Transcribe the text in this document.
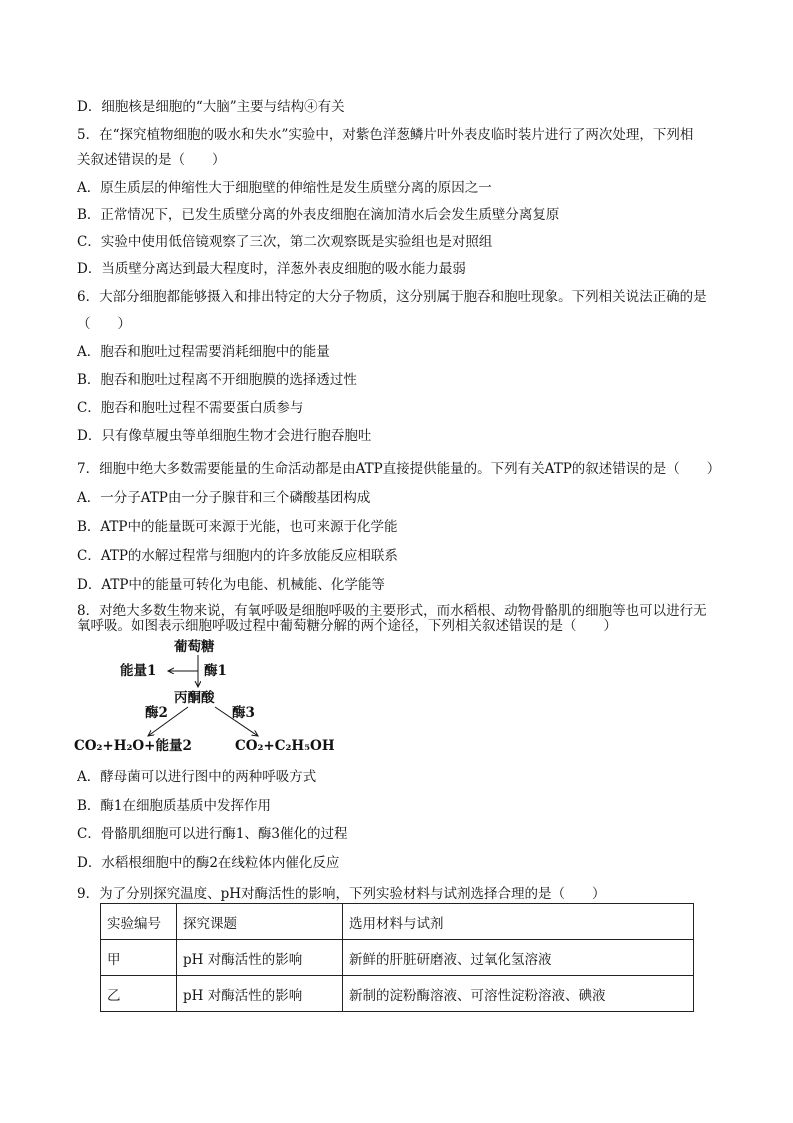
D．细胞核是细胞的“大脑”主要与结构④有关
5．在“探究植物细胞的吸水和失水”实验中，对紫色洋葱鳞片叶外表皮临时装片进行了两次处理，下列相
关叙述错误的是（　　）
A．原生质层的伸缩性大于细胞壁的伸缩性是发生质壁分离的原因之一
B．正常情况下，已发生质壁分离的外表皮细胞在滴加清水后会发生质壁分离复原
C．实验中使用低倍镜观察了三次，第二次观察既是实验组也是对照组
D．当质壁分离达到最大程度时，洋葱外表皮细胞的吸水能力最弱
6．大部分细胞都能够摄入和排出特定的大分子物质，这分别属于胞吞和胞吐现象。下列相关说法正确的是
（　　）
A．胞吞和胞吐过程需要消耗细胞中的能量
B．胞吞和胞吐过程离不开细胞膜的选择透过性
C．胞吞和胞吐过程不需要蛋白质参与
D．只有像草履虫等单细胞生物才会进行胞吞胞吐
7．细胞中绝大多数需要能量的生命活动都是由ATP直接提供能量的。下列有关ATP的叙述错误的是（　　）
A．一分子ATP由一分子腺苷和三个磷酸基团构成
B．ATP中的能量既可来源于光能，也可来源于化学能
C．ATP的水解过程常与细胞内的许多放能反应相联系
D．ATP中的能量可转化为电能、机械能、化学能等
8．对绝大多数生物来说，有氧呼吸是细胞呼吸的主要形式，而水稻根、动物骨骼肌的细胞等也可以进行无
氧呼吸。如图表示细胞呼吸过程中葡萄糖分解的两个途径，下列相关叙述错误的是（　　）
葡萄糖
能量1	酶1
丙酮酸
酶2	酶3
CO₂+H₂O+能量2	CO₂+C₂H₅OH
A．酵母菌可以进行图中的两种呼吸方式
B．酶1在细胞质基质中发挥作用
C．骨骼肌细胞可以进行酶1、酶3催化的过程
D．水稻根细胞中的酶2在线粒体内催化反应
9．为了分别探究温度、pH对酶活性的影响，下列实验材料与试剂选择合理的是（　　）
实验编号	探究课题	选用材料与试剂
甲	pH 对酶活性的影响	新鲜的肝脏研磨液、过氧化氢溶液
乙	pH 对酶活性的影响	新制的淀粉酶溶液、可溶性淀粉溶液、碘液
